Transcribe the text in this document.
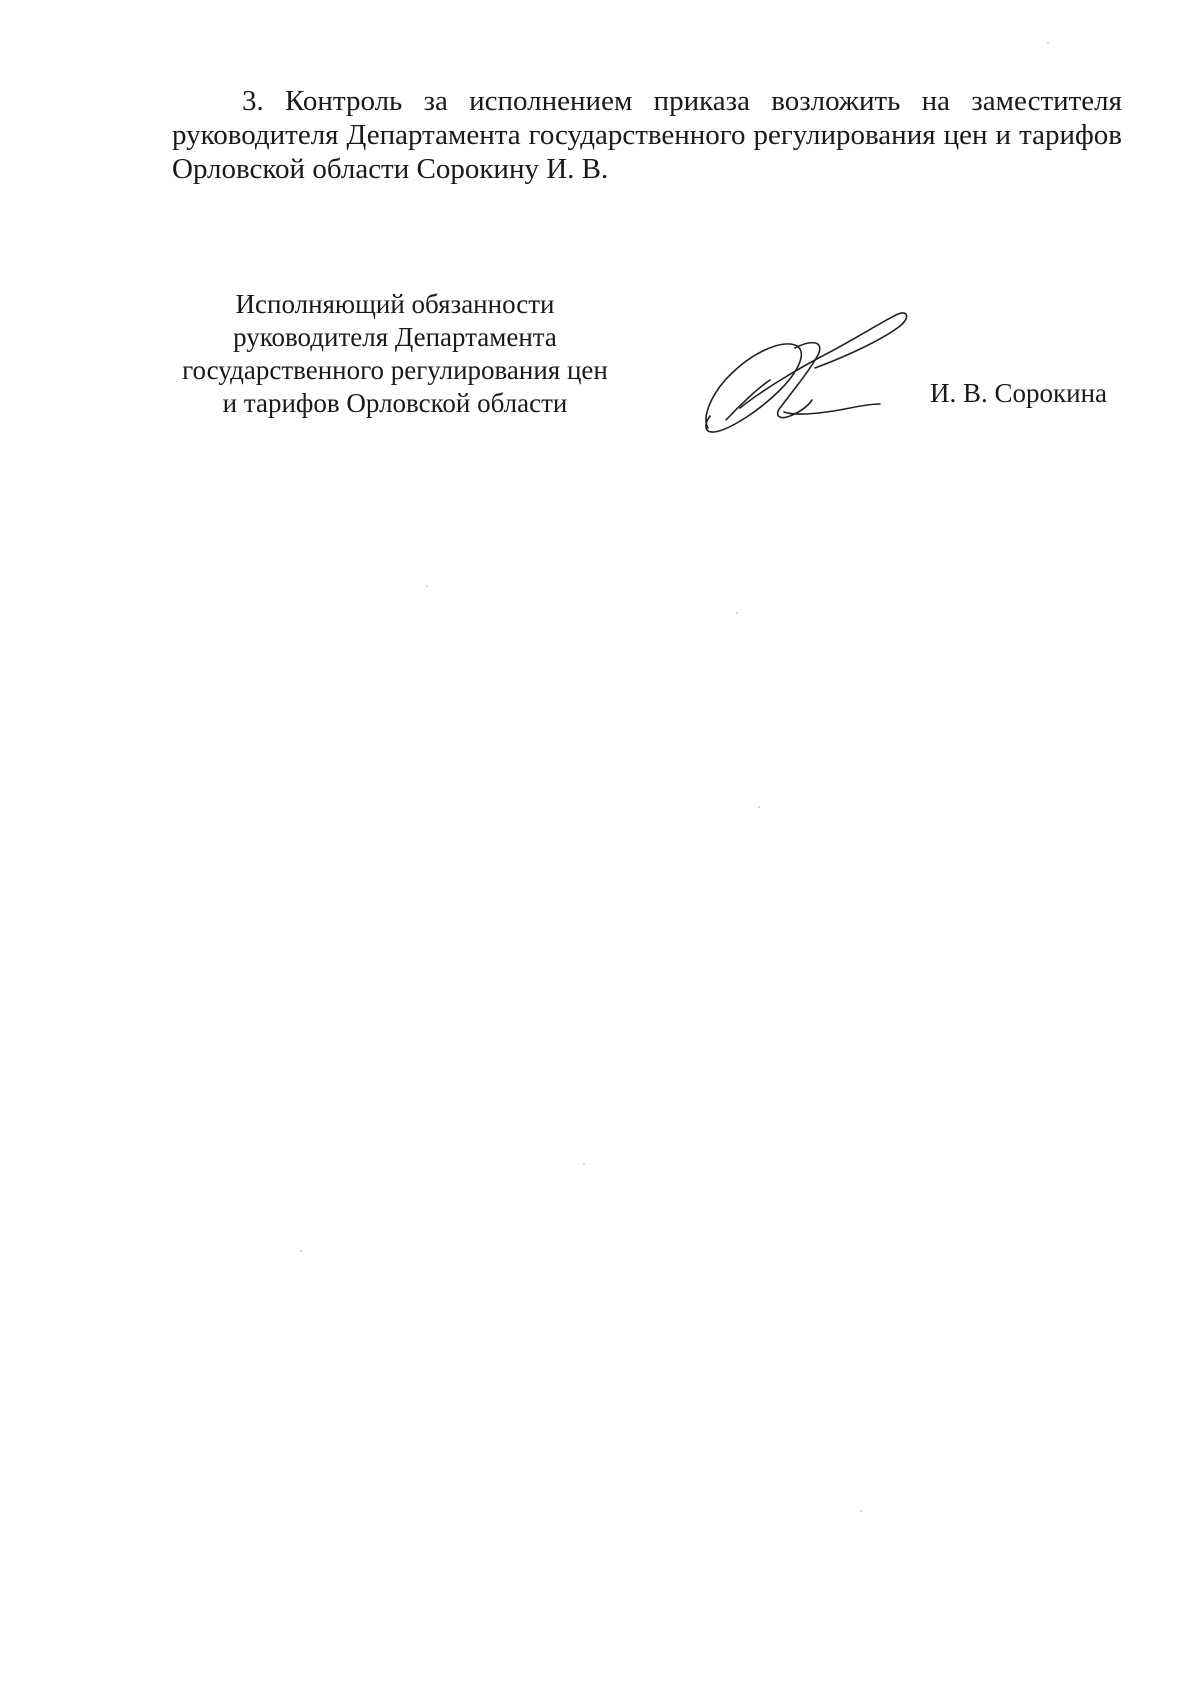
3. Контроль за исполнением приказа возложить на заместителя
руководителя Департамента государственного регулирования цен и тарифов
Орловской области Сорокину И. В.

Исполняющий обязанности
руководителя Департамента
государственного регулирования цен
и тарифов Орловской области	И. В. Сорокина
